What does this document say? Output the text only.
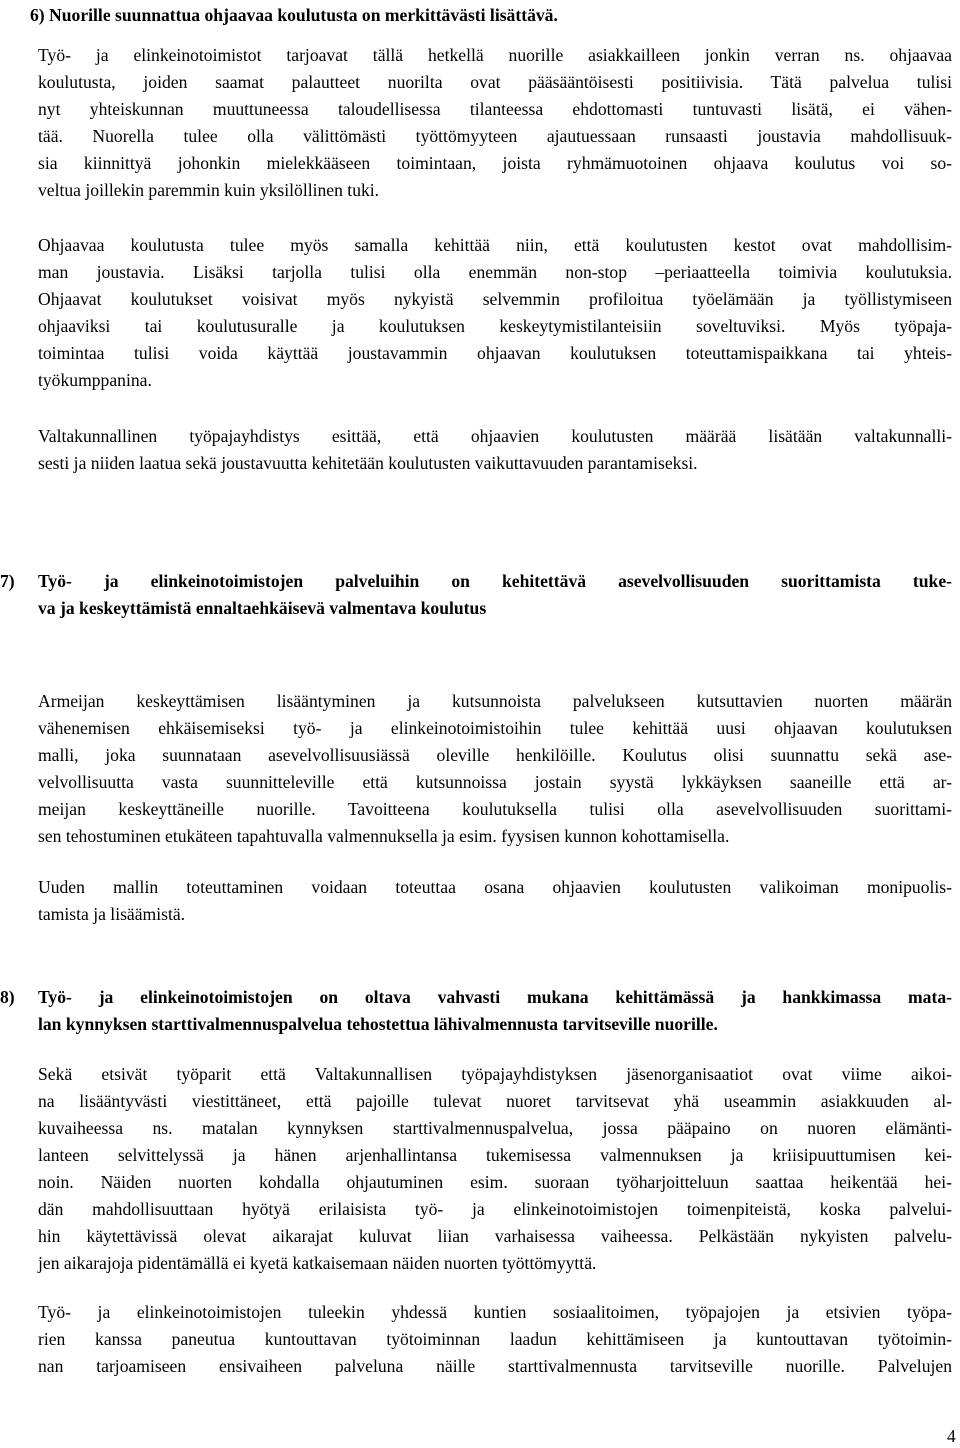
6) Nuorille suunnattua ohjaavaa koulutusta on merkittävästi lisättävä.
Työ- ja elinkeinotoimistot tarjoavat tällä hetkellä nuorille asiakkailleen jonkin verran ns. ohjaavaa
koulutusta, joiden saamat palautteet nuorilta ovat pääsääntöisesti positiivisia. Tätä palvelua tulisi
nyt yhteiskunnan muuttuneessa taloudellisessa tilanteessa ehdottomasti tuntuvasti lisätä, ei vähen-
tää. Nuorella tulee olla välittömästi työttömyyteen ajautuessaan runsaasti joustavia mahdollisuuk-
sia kiinnittyä johonkin mielekkääseen toimintaan, joista ryhmämuotoinen ohjaava koulutus voi so-
veltua joillekin paremmin kuin yksilöllinen tuki.
Ohjaavaa koulutusta tulee myös samalla kehittää niin, että koulutusten kestot ovat mahdollisim-
man joustavia. Lisäksi tarjolla tulisi olla enemmän non-stop –periaatteella toimivia koulutuksia.
Ohjaavat koulutukset voisivat myös nykyistä selvemmin profiloitua työelämään ja työllistymiseen
ohjaaviksi tai koulutusuralle ja koulutuksen keskeytymistilanteisiin soveltuviksi. Myös työpaja-
toimintaa tulisi voida käyttää joustavammin ohjaavan koulutuksen toteuttamispaikkana tai yhteis-
työkumppanina.
Valtakunnallinen työpajayhdistys esittää, että ohjaavien koulutusten määrää lisätään valtakunnalli-
sesti ja niiden laatua sekä joustavuutta kehitetään koulutusten vaikuttavuuden parantamiseksi.
7)	Työ- ja elinkeinotoimistojen palveluihin on kehitettävä asevelvollisuuden suorittamista tuke-
va ja keskeyttämistä ennaltaehkäisevä valmentava koulutus
Armeijan keskeyttämisen lisääntyminen ja kutsunnoista palvelukseen kutsuttavien nuorten määrän
vähenemisen ehkäisemiseksi työ- ja elinkeinotoimistoihin tulee kehittää uusi ohjaavan koulutuksen
malli, joka suunnataan asevelvollisuusiässä oleville henkilöille. Koulutus olisi suunnattu sekä ase-
velvollisuutta vasta suunnitteleville että kutsunnoissa jostain syystä lykkäyksen saaneille että ar-
meijan keskeyttäneille nuorille. Tavoitteena koulutuksella tulisi olla asevelvollisuuden suorittami-
sen tehostuminen etukäteen tapahtuvalla valmennuksella ja esim. fyysisen kunnon kohottamisella.
Uuden mallin toteuttaminen voidaan toteuttaa osana ohjaavien koulutusten valikoiman monipuolis-
tamista ja lisäämistä.
8)	Työ- ja elinkeinotoimistojen on oltava vahvasti mukana kehittämässä ja hankkimassa mata-
lan kynnyksen starttivalmennuspalvelua tehostettua lähivalmennusta tarvitseville nuorille.
Sekä etsivät työparit että Valtakunnallisen työpajayhdistyksen jäsenorganisaatiot ovat viime aikoi-
na lisääntyvästi viestittäneet, että pajoille tulevat nuoret tarvitsevat yhä useammin asiakkuuden al-
kuvaiheessa ns. matalan kynnyksen starttivalmennuspalvelua, jossa pääpaino on nuoren elämänti-
lanteen selvittelyssä ja hänen arjenhallintansa tukemisessa valmennuksen ja kriisipuuttumisen kei-
noin. Näiden nuorten kohdalla ohjautuminen esim. suoraan työharjoitteluun saattaa heikentää hei-
dän mahdollisuuttaan hyötyä erilaisista työ- ja elinkeinotoimistojen toimenpiteistä, koska palvelui-
hin käytettävissä olevat aikarajat kuluvat liian varhaisessa vaiheessa. Pelkästään nykyisten palvelu-
jen aikarajoja pidentämällä ei kyetä katkaisemaan näiden nuorten työttömyyttä.
Työ- ja elinkeinotoimistojen tuleekin yhdessä kuntien sosiaalitoimen, työpajojen ja etsivien työpa-
rien kanssa paneutua kuntouttavan työtoiminnan laadun kehittämiseen ja kuntouttavan työtoimin-
nan tarjoamiseen ensivaiheen palveluna näille starttivalmennusta tarvitseville nuorille. Palvelujen
4
